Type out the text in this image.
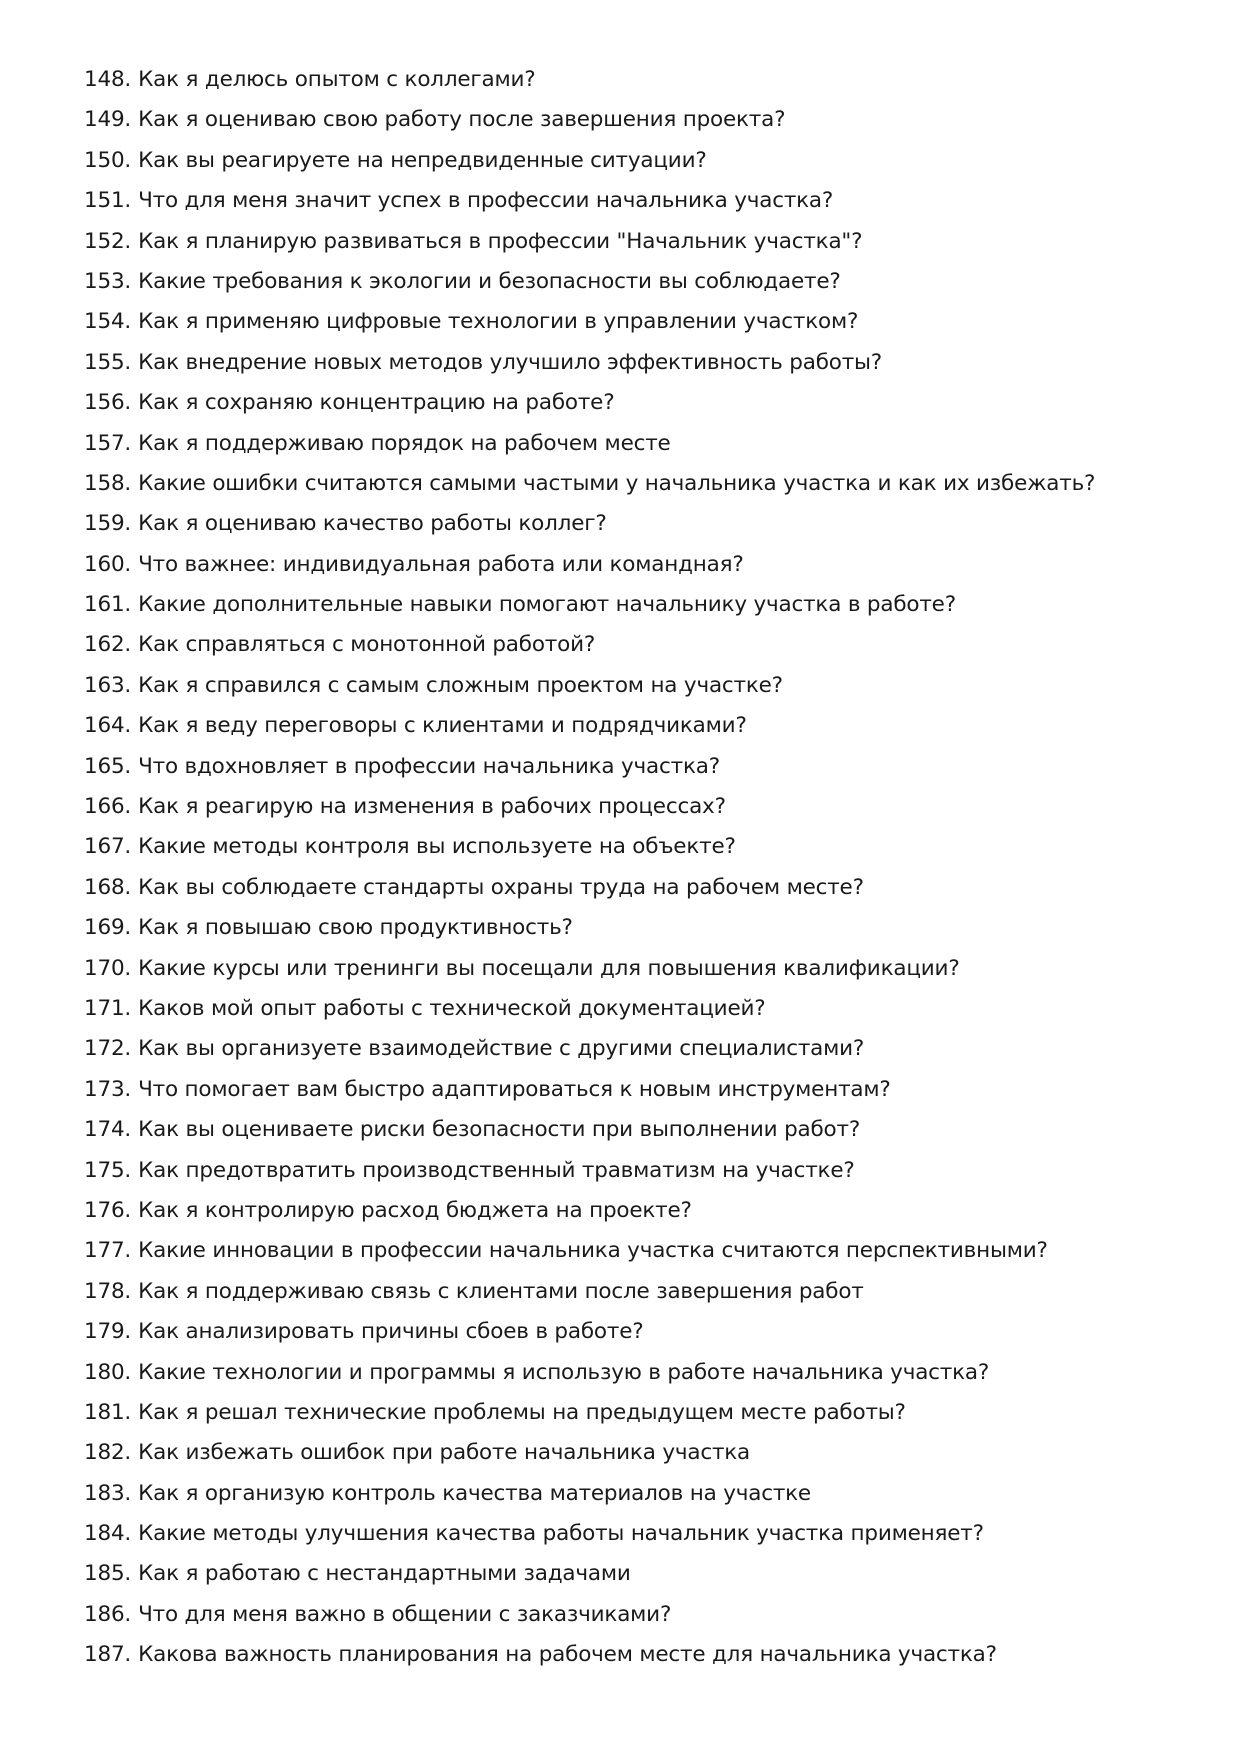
148. Как я делюсь опытом с коллегами?
149. Как я оцениваю свою работу после завершения проекта?
150. Как вы реагируете на непредвиденные ситуации?
151. Что для меня значит успех в профессии начальника участка?
152. Как я планирую развиваться в профессии "Начальник участка"?
153. Какие требования к экологии и безопасности вы соблюдаете?
154. Как я применяю цифровые технологии в управлении участком?
155. Как внедрение новых методов улучшило эффективность работы?
156. Как я сохраняю концентрацию на работе?
157. Как я поддерживаю порядок на рабочем месте
158. Какие ошибки считаются самыми частыми у начальника участка и как их избежать?
159. Как я оцениваю качество работы коллег?
160. Что важнее: индивидуальная работа или командная?
161. Какие дополнительные навыки помогают начальнику участка в работе?
162. Как справляться с монотонной работой?
163. Как я справился с самым сложным проектом на участке?
164. Как я веду переговоры с клиентами и подрядчиками?
165. Что вдохновляет в профессии начальника участка?
166. Как я реагирую на изменения в рабочих процессах?
167. Какие методы контроля вы используете на объекте?
168. Как вы соблюдаете стандарты охраны труда на рабочем месте?
169. Как я повышаю свою продуктивность?
170. Какие курсы или тренинги вы посещали для повышения квалификации?
171. Каков мой опыт работы с технической документацией?
172. Как вы организуете взаимодействие с другими специалистами?
173. Что помогает вам быстро адаптироваться к новым инструментам?
174. Как вы оцениваете риски безопасности при выполнении работ?
175. Как предотвратить производственный травматизм на участке?
176. Как я контролирую расход бюджета на проекте?
177. Какие инновации в профессии начальника участка считаются перспективными?
178. Как я поддерживаю связь с клиентами после завершения работ
179. Как анализировать причины сбоев в работе?
180. Какие технологии и программы я использую в работе начальника участка?
181. Как я решал технические проблемы на предыдущем месте работы?
182. Как избежать ошибок при работе начальника участка
183. Как я организую контроль качества материалов на участке
184. Какие методы улучшения качества работы начальник участка применяет?
185. Как я работаю с нестандартными задачами
186. Что для меня важно в общении с заказчиками?
187. Какова важность планирования на рабочем месте для начальника участка?
